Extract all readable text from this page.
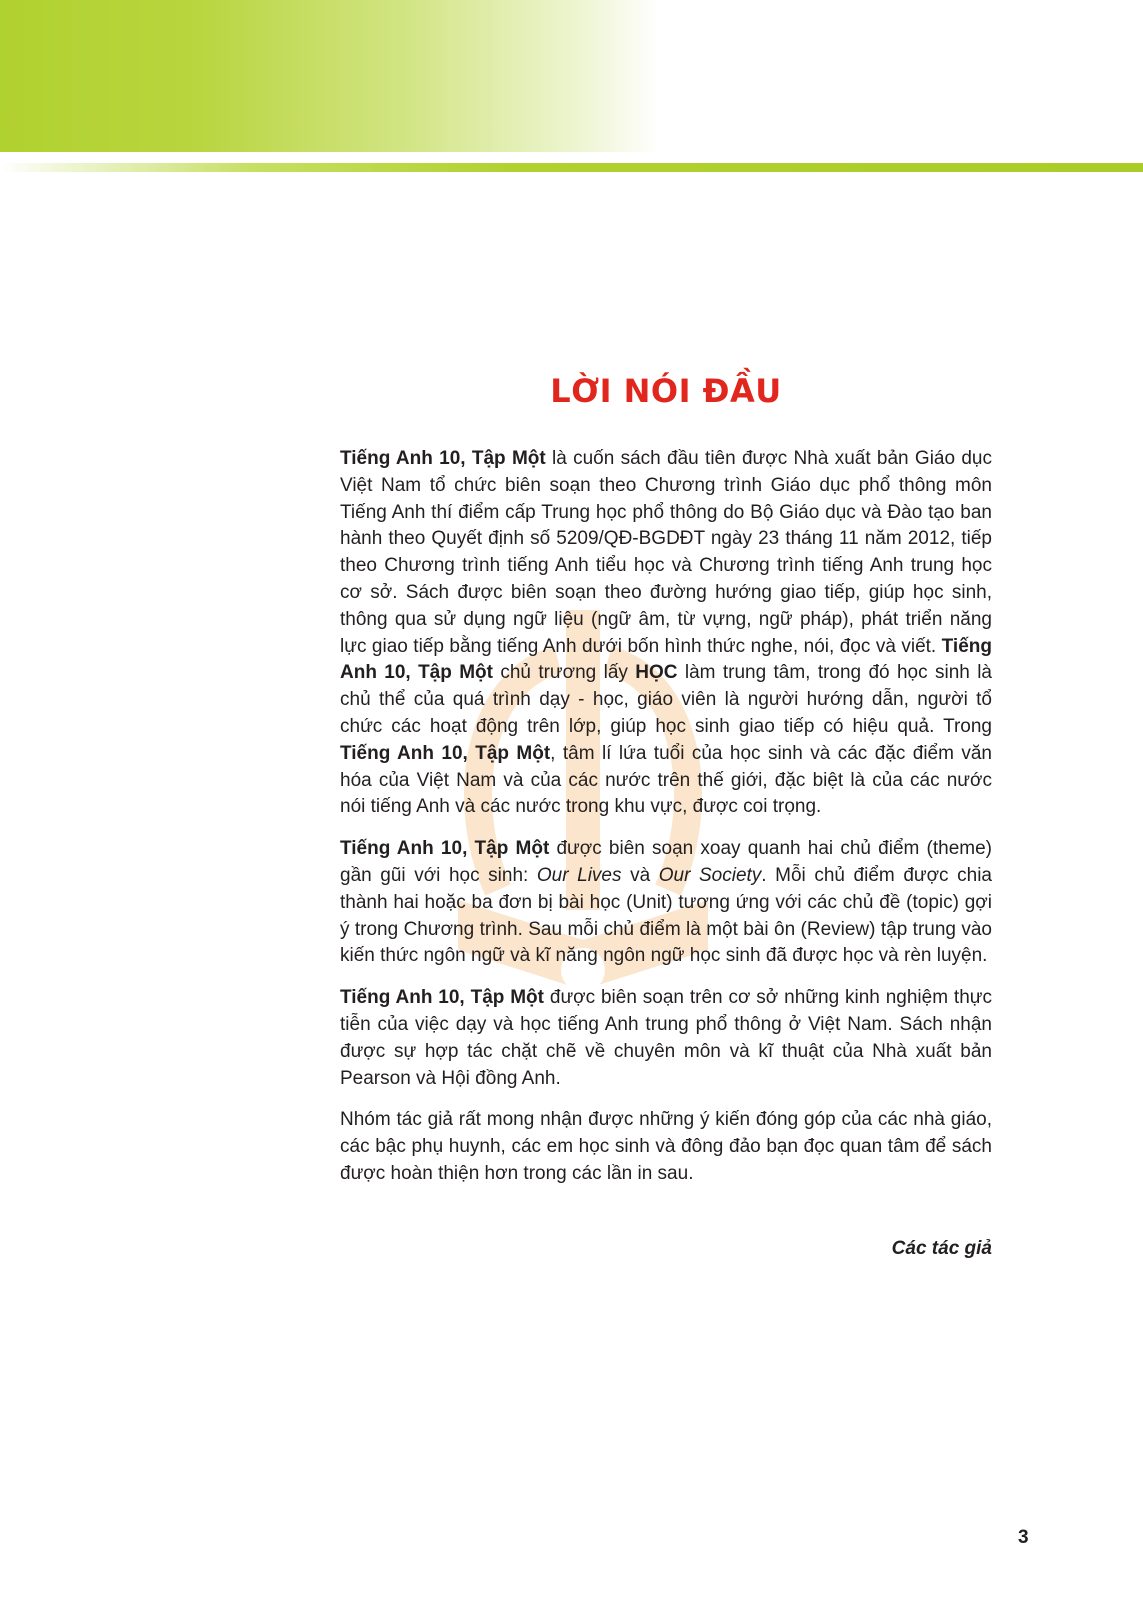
LỜI NÓI ĐẦU

Tiếng Anh 10, Tập Một là cuốn sách đầu tiên được Nhà xuất bản Giáo dục Việt Nam tổ chức biên soạn theo Chương trình Giáo dục phổ thông môn Tiếng Anh thí điểm cấp Trung học phổ thông do Bộ Giáo dục và Đào tạo ban hành theo Quyết định số 5209/QĐ-BGDĐT ngày 23 tháng 11 năm 2012, tiếp theo Chương trình tiếng Anh tiểu học và Chương trình tiếng Anh trung học cơ sở. Sách được biên soạn theo đường hướng giao tiếp, giúp học sinh, thông qua sử dụng ngữ liệu (ngữ âm, từ vựng, ngữ pháp), phát triển năng lực giao tiếp bằng tiếng Anh dưới bốn hình thức nghe, nói, đọc và viết. Tiếng Anh 10, Tập Một chủ trương lấy HỌC làm trung tâm, trong đó học sinh là chủ thể của quá trình dạy - học, giáo viên là người hướng dẫn, người tổ chức các hoạt động trên lớp, giúp học sinh giao tiếp có hiệu quả. Trong Tiếng Anh 10, Tập Một, tâm lí lứa tuổi của học sinh và các đặc điểm văn hóa của Việt Nam và của các nước trên thế giới, đặc biệt là của các nước nói tiếng Anh và các nước trong khu vực, được coi trọng.

Tiếng Anh 10, Tập Một được biên soạn xoay quanh hai chủ điểm (theme) gần gũi với học sinh: Our Lives và Our Society. Mỗi chủ điểm được chia thành hai hoặc ba đơn bị bài học (Unit) tương ứng với các chủ đề (topic) gợi ý trong Chương trình. Sau mỗi chủ điểm là một bài ôn (Review) tập trung vào kiến thức ngôn ngữ và kĩ năng ngôn ngữ học sinh đã được học và rèn luyện.

Tiếng Anh 10, Tập Một được biên soạn trên cơ sở những kinh nghiệm thực tiễn của việc dạy và học tiếng Anh trung phổ thông ở Việt Nam. Sách nhận được sự hợp tác chặt chẽ về chuyên môn và kĩ thuật của Nhà xuất bản Pearson và Hội đồng Anh.

Nhóm tác giả rất mong nhận được những ý kiến đóng góp của các nhà giáo, các bậc phụ huynh, các em học sinh và đông đảo bạn đọc quan tâm để sách được hoàn thiện hơn trong các lần in sau.

Các tác giả
3
